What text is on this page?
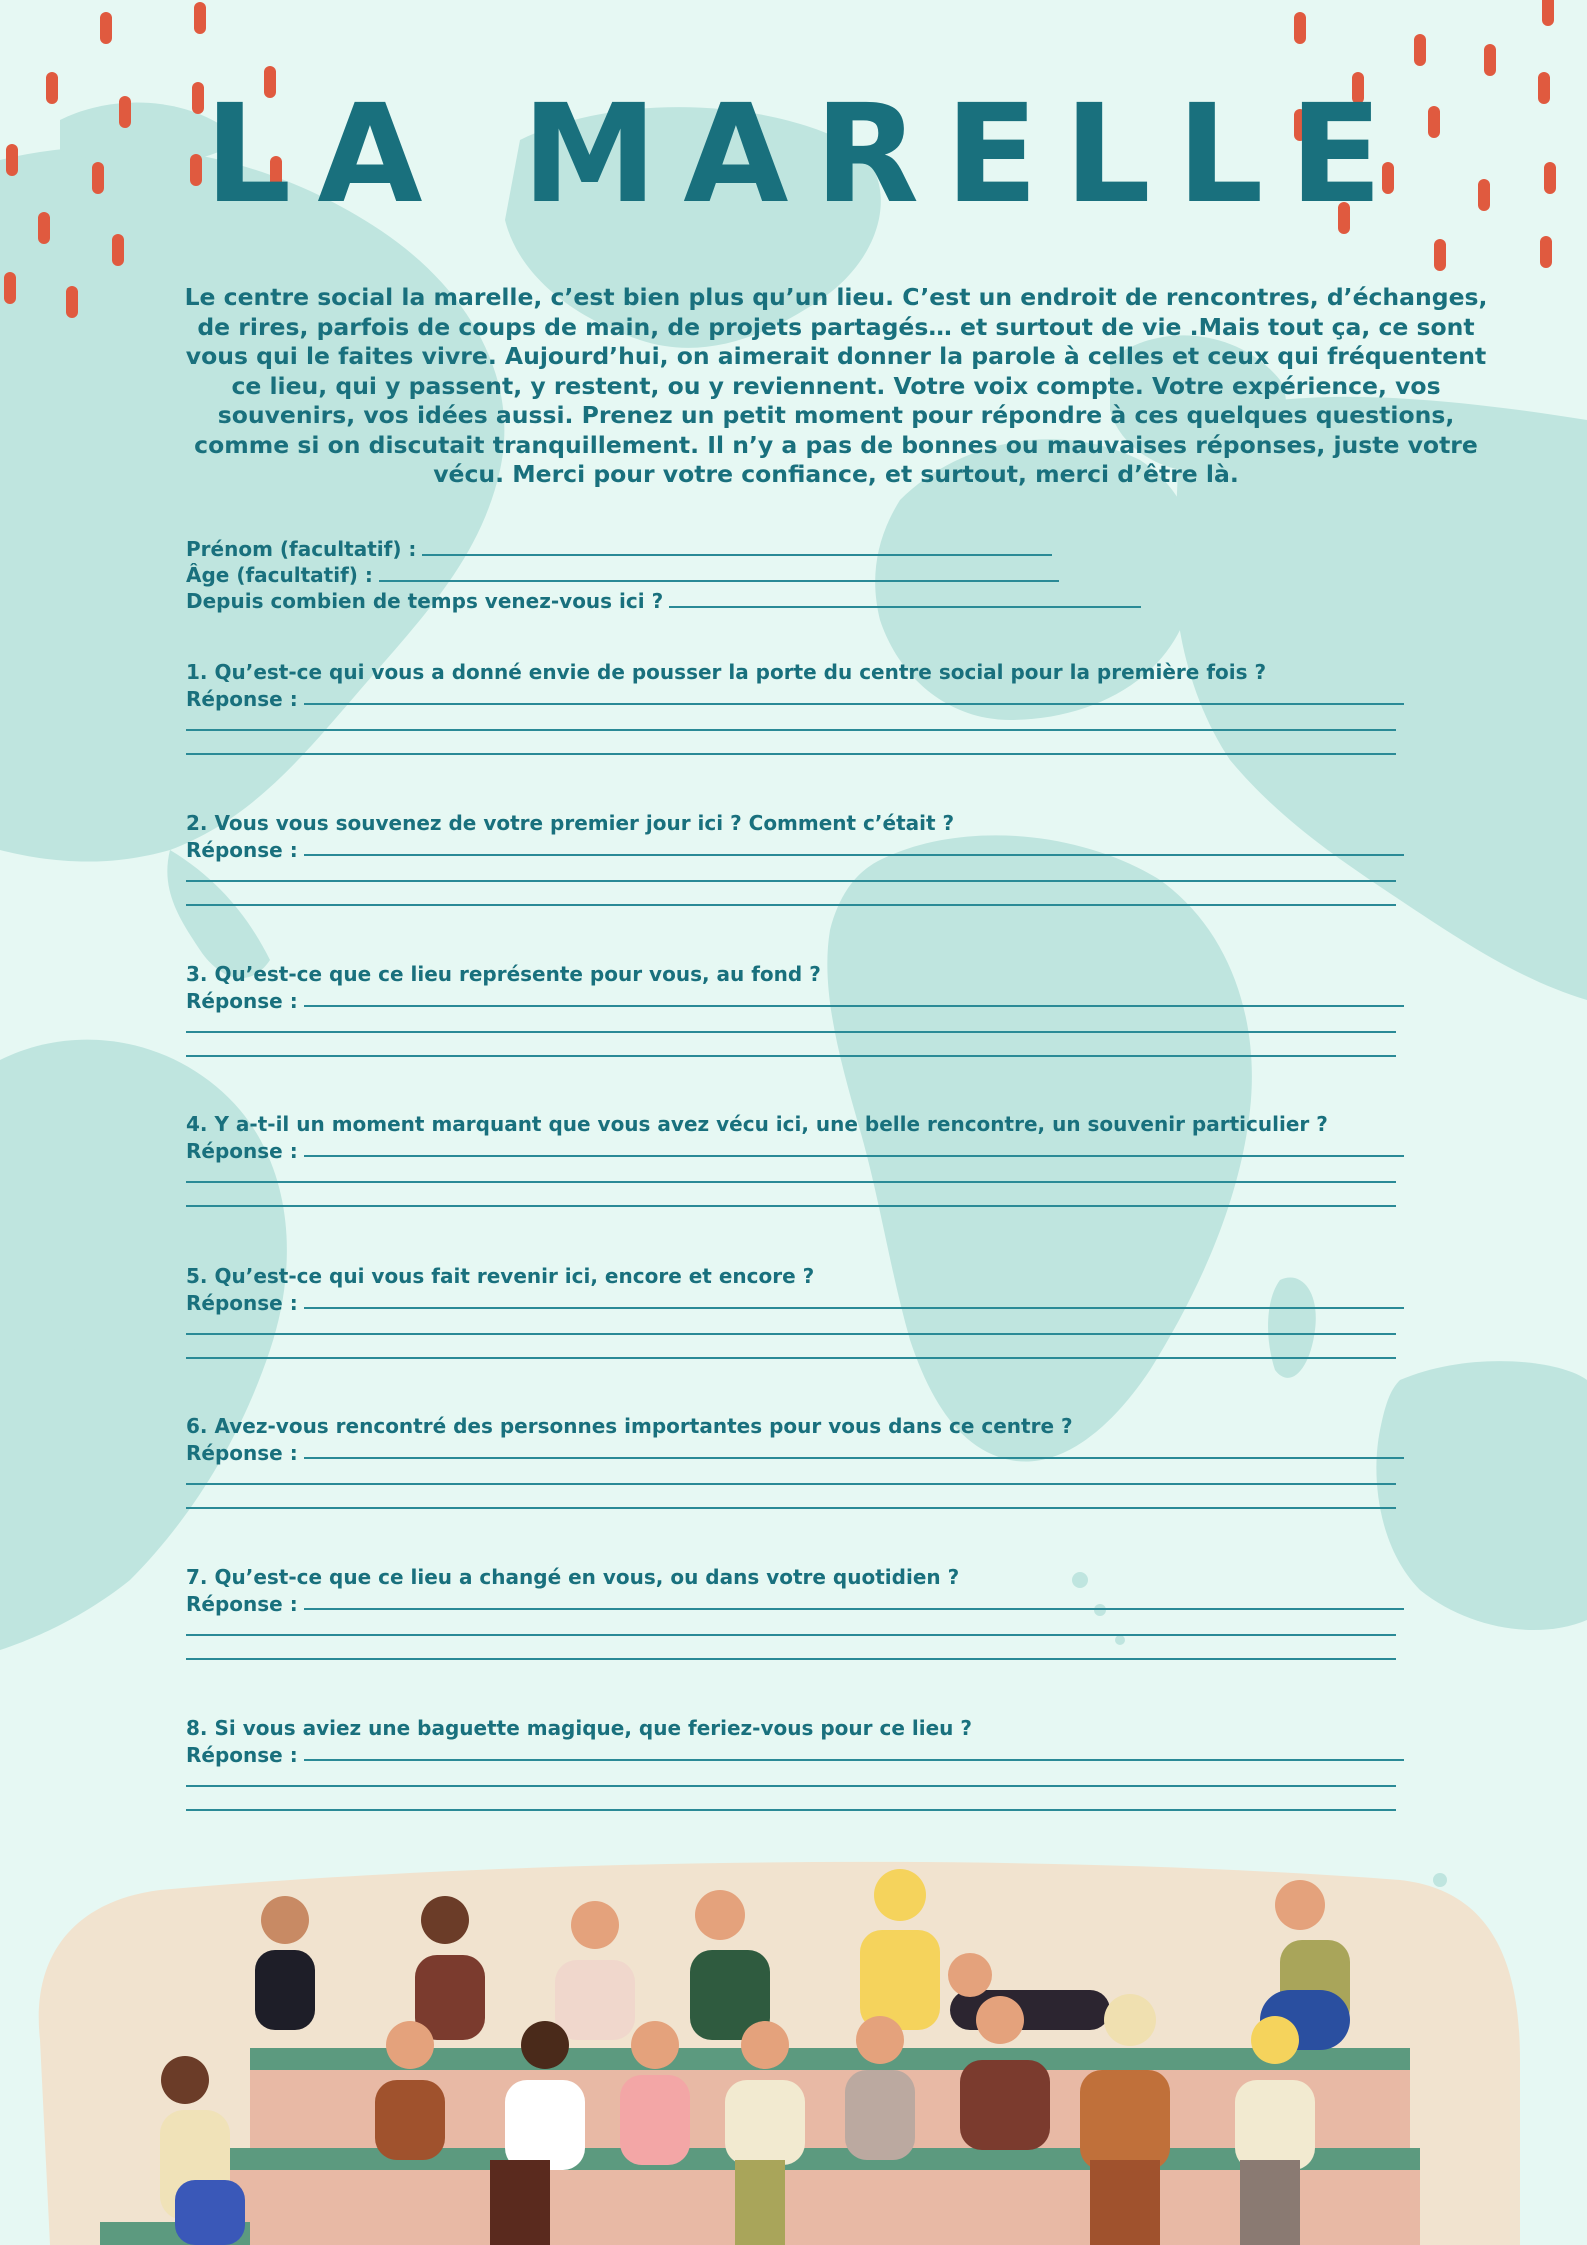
LA MARELLE
Le centre social la marelle, c’est bien plus qu’un lieu. C’est un endroit de rencontres, d’échanges, de rires, parfois de coups de main, de projets partagés… et surtout de vie .Mais tout ça, ce sont vous qui le faites vivre. Aujourd’hui, on aimerait donner la parole à celles et ceux qui fréquentent ce lieu, qui y passent, y restent, ou y reviennent. Votre voix compte. Votre expérience, vos souvenirs, vos idées aussi. Prenez un petit moment pour répondre à ces quelques questions, comme si on discutait tranquillement. Il n’y a pas de bonnes ou mauvaises réponses, juste votre vécu. Merci pour votre confiance, et surtout, merci d’être là.
Prénom (facultatif) :
Âge (facultatif) :
Depuis combien de temps venez-vous ici ?
1. Qu’est-ce qui vous a donné envie de pousser la porte du centre social pour la première fois ?
Réponse :
2. Vous vous souvenez de votre premier jour ici ? Comment c’était ?
Réponse :
3. Qu’est-ce que ce lieu représente pour vous, au fond ?
Réponse :
4. Y a-t-il un moment marquant que vous avez vécu ici, une belle rencontre, un souvenir particulier ?
Réponse :
5. Qu’est-ce qui vous fait revenir ici, encore et encore ?
Réponse :
6. Avez-vous rencontré des personnes importantes pour vous dans ce centre ?
Réponse :
7. Qu’est-ce que ce lieu a changé en vous, ou dans votre quotidien ?
Réponse :
8. Si vous aviez une baguette magique, que feriez-vous pour ce lieu ?
Réponse :
